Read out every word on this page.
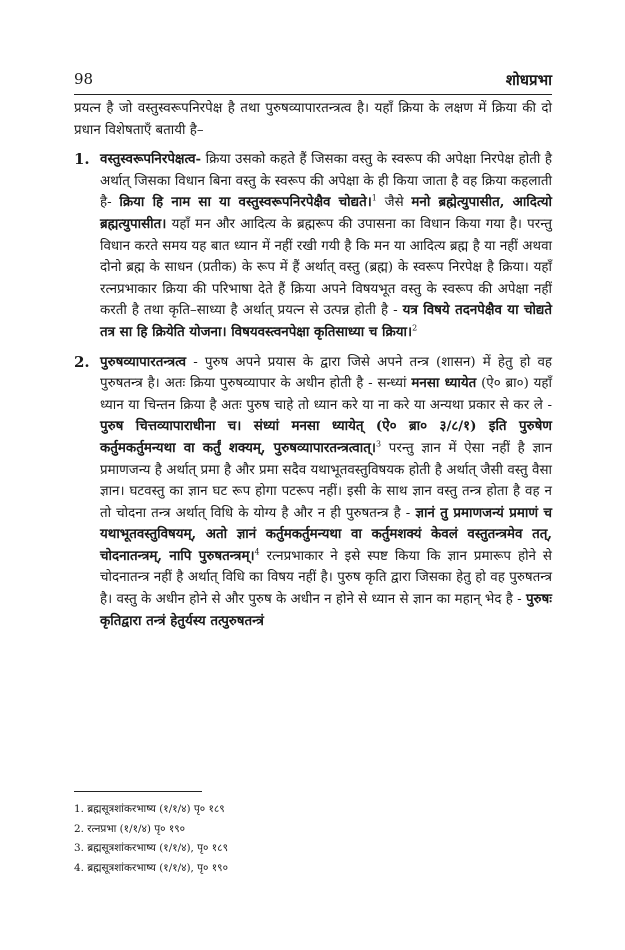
98	शोधप्रभा

प्रयत्न है जो वस्तुस्वरूपनिरपेक्ष है तथा पुरुषव्यापारतन्त्रत्व है। यहाँ क्रिया के लक्षण में क्रिया की दो प्रधान विशेषताएँ बतायी है–

1. वस्तुस्वरूपनिरपेक्षत्व- क्रिया उसको कहते हैं जिसका वस्तु के स्वरूप की अपेक्षा निरपेक्ष होती है अर्थात् जिसका विधान बिना वस्तु के स्वरूप की अपेक्षा के ही किया जाता है वह क्रिया कहलाती है- क्रिया हि नाम सा या वस्तुस्वरूपनिरपेक्षैव चोद्यते।$^1$ जैसे मनो ब्रह्मेत्युपासीत, आदित्यो ब्रह्मत्युपासीत। यहाँ मन और आदित्य के ब्रह्मरूप की उपासना का विधान किया गया है। परन्तु विधान करते समय यह बात ध्यान में नहीं रखी गयी है कि मन या आदित्य ब्रह्म है या नहीं अथवा दोनो ब्रह्म के साधन (प्रतीक) के रूप में हैं अर्थात् वस्तु (ब्रह्म) के स्वरूप निरपेक्ष है क्रिया। यहाँ रत्नप्रभाकार क्रिया की परिभाषा देते हैं क्रिया अपने विषयभूत वस्तु के स्वरूप की अपेक्षा नहीं करती है तथा कृति–साध्या है अर्थात् प्रयत्न से उत्पन्न होती है - यत्र विषये तदनपेक्षैव या चोद्यते तत्र सा हि क्रियेति योजना। विषयवस्त्वनपेक्षा कृतिसाध्या च क्रिया।$^2$

2. पुरुषव्यापारतन्त्रत्व - पुरुष अपने प्रयास के द्वारा जिसे अपने तन्त्र (शासन) में हेतु हो वह पुरुषतन्त्र है। अतः क्रिया पुरुषव्यापार के अधीन होती है - सन्ध्यां मनसा ध्यायेत (ऐ० ब्रा०) यहाँ ध्यान या चिन्तन क्रिया है अतः पुरुष चाहे तो ध्यान करे या ना करे या अन्यथा प्रकार से कर ले - पुरुष चित्तव्यापाराधीना च। संध्यां मनसा ध्यायेत् (ऐ० ब्रा० ३/८/१) इति पुरुषेण कर्तुमकर्तुमन्यथा वा कर्तुं शक्यम्, पुरुषव्यापारतन्त्रत्वात्।$^3$ परन्तु ज्ञान में ऐसा नहीं है ज्ञान प्रमाणजन्य है अर्थात् प्रमा है और प्रमा सदैव यथाभूतवस्तुविषयक होती है अर्थात् जैसी वस्तु वैसा ज्ञान। घटवस्तु का ज्ञान घट रूप होगा पटरूप नहीं। इसी के साथ ज्ञान वस्तु तन्त्र होता है वह न तो चोदना तन्त्र अर्थात् विधि के योग्य है और न ही पुरुषतन्त्र है - ज्ञानं तु प्रमाणजन्यं प्रमाणं च यथाभूतवस्तुविषयम्, अतो ज्ञानं कर्तुमकर्तुमन्यथा वा कर्तुमशक्यं केवलं वस्तुतन्त्रमेव तत्, चोदनातन्त्रम्, नापि पुरुषतन्त्रम्।$^4$ रत्नप्रभाकार ने इसे स्पष्ट किया कि ज्ञान प्रमारूप होने से चोदनातन्त्र नहीं है अर्थात् विधि का विषय नहीं है। पुरुष कृति द्वारा जिसका हेतु हो वह पुरुषतन्त्र है। वस्तु के अधीन होने से और पुरुष के अधीन न होने से ध्यान से ज्ञान का महान् भेद है - पुरुषः कृतिद्वारा तन्त्रं हेतुर्यस्य तत्पुरुषतन्त्रं

1. ब्रह्मसूत्रशांकरभाष्य (१/१/४) पृ० १८९
2. रत्नप्रभा (१/१/४) पृ० १९०
3. ब्रह्मसूत्रशांकरभाष्य (१/१/४), पृ० १८९
4. ब्रह्मसूत्रशांकरभाष्य (१/१/४), पृ० १९०
